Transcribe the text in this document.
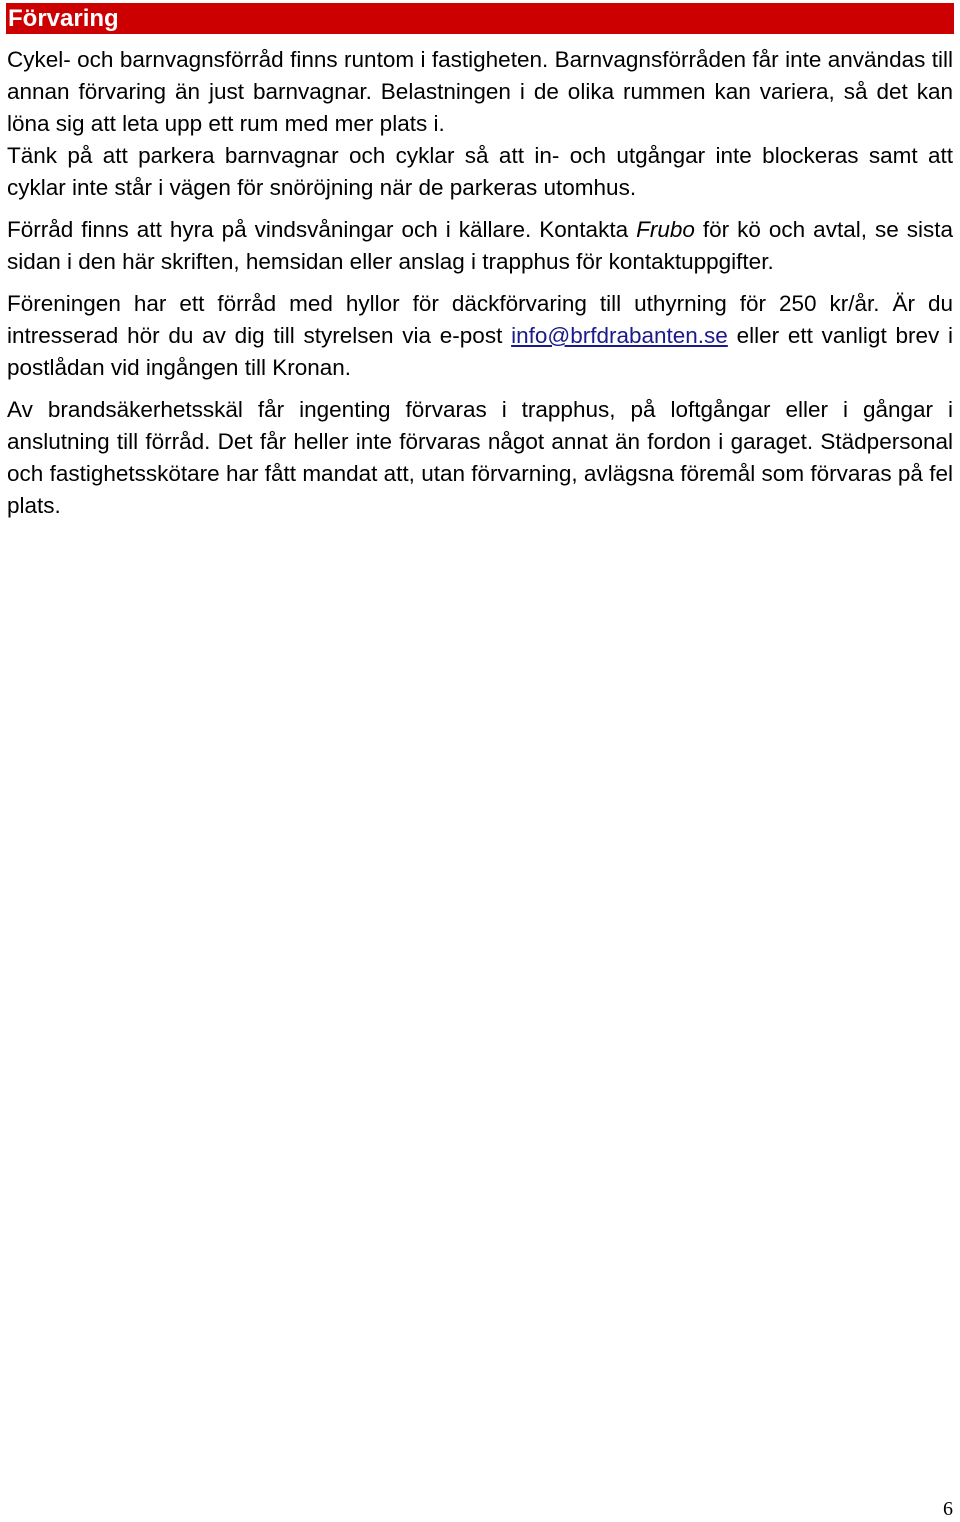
Förvaring

Cykel- och barnvagnsförråd finns runtom i fastigheten. Barnvagnsförråden får inte användas till annan förvaring än just barnvagnar. Belastningen i de olika rummen kan variera, så det kan löna sig att leta upp ett rum med mer plats i.

Tänk på att parkera barnvagnar och cyklar så att in- och utgångar inte blockeras samt att cyklar inte står i vägen för snöröjning när de parkeras utomhus.

Förråd finns att hyra på vindsvåningar och i källare. Kontakta Frubo för kö och avtal, se sista sidan i den här skriften, hemsidan eller anslag i trapphus för kontaktuppgifter.

Föreningen har ett förråd med hyllor för däckförvaring till uthyrning för 250 kr/år. Är du intresserad hör du av dig till styrelsen via e-post info@brfdrabanten.se eller ett vanligt brev i postlådan vid ingången till Kronan.

Av brandsäkerhetsskäl får ingenting förvaras i trapphus, på loftgångar eller i gångar i anslutning till förråd. Det får heller inte förvaras något annat än fordon i garaget. Städpersonal och fastighetsskötare har fått mandat att, utan förvarning, avlägsna föremål som förvaras på fel plats.

6
